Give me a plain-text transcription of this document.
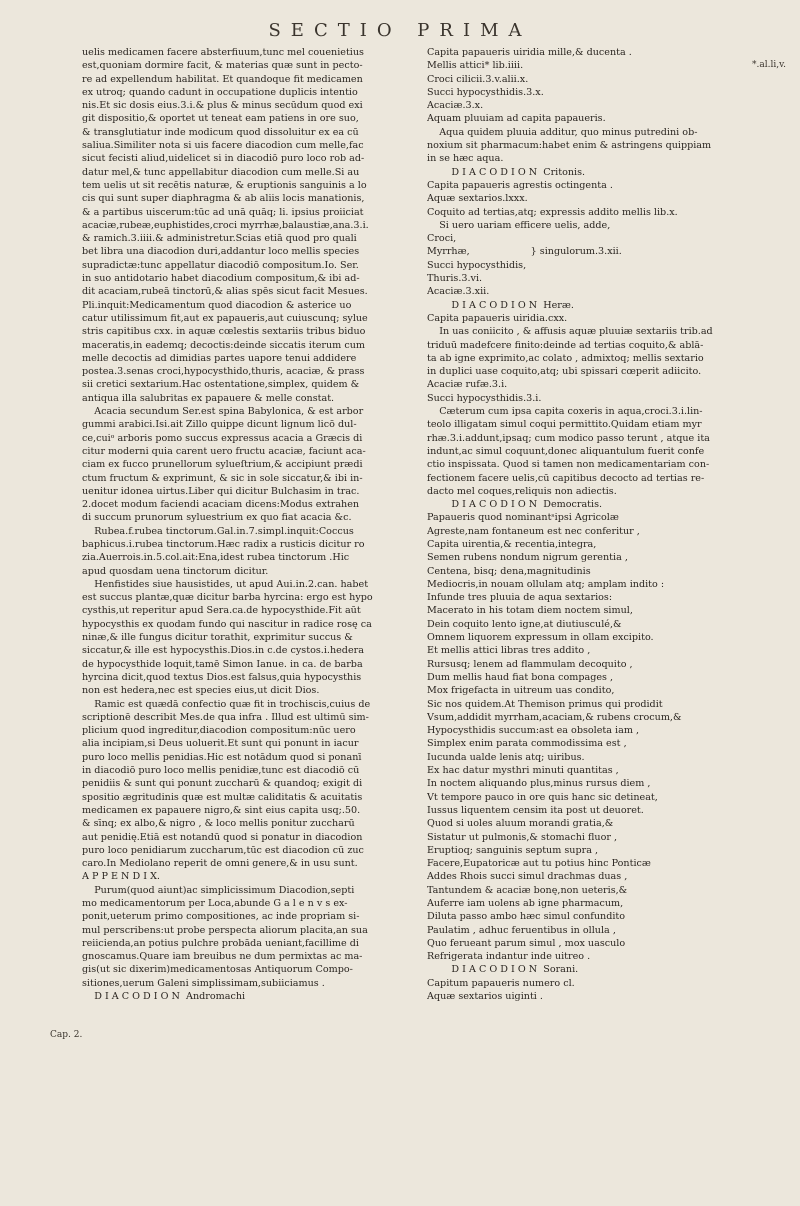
SECTIO PRIMA
*.al.li,v.
Cap. 2.
uelis medicamen facere absterfiuum,tunc mel couenietius
est,quoniam dormire facit, & materias quæ sunt in pectο-
re ad expellendum habilitat. Et quandoque fit medicamen
ex utroq; quando cadunt in occupatione duplicis intentio
nis.Et sic dosis eius.3.i.& plus & minus secūdum quod exi
git dispositio,& oportet ut teneat eam patiens in ore suo,
& transglutiatur inde modicum quod dissoluitur ex ea cū
saliua.Similiter nota si uis facere diacodion cum melle,fac
sicut fecisti aliud,uidelicet si in diacodiō puro loco rob ad-
datur mel,& tunc appellabitur diacodion cum melle.Si au
tem uelis ut sit recētis naturæ, & eruptionis sanguinis a lo
cis qui sunt super diaphragma & ab aliis locis manationis,
& a partibus uiscerum:tūc ad unā quāq; li. ipsius proiiciat
acaciæ,rubeæ,euphistides,croci myrrhæ,balaustiæ,ana.3.i.
& ramich.3.iiii.& administretur.Scias etiā quod pro quali
bet libra una diacodion duri,addantur loco mellis species
supradictæ:tunc appellatur diacodiō compositum.Io. Ser.
in suo antidotario habet diacodium compositum,& ibi ad-
dit acaciam,rubeā tinctorū,& alias spēs sicut facit Mesues.
Pli.inquit:Medicamentum quod diacodion & asterice uo
catur utilissimum fit,aut ex papaueris,aut cuiuscunq; sylue
stris capitibus cxx. in aquæ cœlestis sextariis tribus biduo
maceratis,in eademq; decoctis:deinde siccatis iterum cum
melle decoctis ad dimidias partes uapore tenui addidere
postea.3.senas croci,hypocysthido,thuris, acaciæ, & prass
sii cretici sextarium.Hac ostentatione,simplex, quidem &
antiqua illa salubritas ex papauere & melle constat.
Acacia secundum Ser.est spina Babylonica, & est arbor
gummi arabici.Isi.ait Zillo quippe dicunt lignum licō dul-
ce,cuiᵒ arboris pomo succus expressus acacia a Græcis di
citur moderni quia carent uero fructu acaciæ, faciunt aca-
ciam ex fucco prunellorum sylueſtrium,& accipiunt prædi
ctum fructum & exprimunt, & sic in sole siccatur,& ibi in-
uenitur idonea uirtus.Liber qui dicitur Bulchasim in trac.
2.docet modum faciendi acaciam dicens:Modus extrahen
di succum prunorum syluestrium ex quo fiat acacia &c.
Rubea.f.rubea tinctorum.Gal.in.7.simpl.inquit:Coccus
baphicus.i.rubea tinctorum.Hæc radix a rusticis dicitur ro
zia.Auerrois.in.5.col.ait:Ena,idest rubea tinctorum .Hic
apud quosdam uena tinctorum dicitur.
Henfistides siue hausistides, ut apud Aui.in.2.can. habet
est succus plantæ,quæ dicitur barba hyrcina: ergo est hypo
cysthis,ut reperitur apud Sera.ca.de hypocysthide.Fit aūt
hypocysthis ex quodam fundo qui nascitur in radice rosę ca
ninæ,& ille fungus dicitur torathit, exprimitur succus &
siccatur,& ille est hypocysthis.Dios.in c.de cystos.i.hedera
de hypocysthide loquit,tamē Simon Ianue. in ca. de barba
hyrcina dicit,quod textus Dios.est falsus,quia hypocysthis
non est hedera,nec est species eius,ut dicit Dios.
Ramic est quædā confectio quæ fit in trochiscis,cuius de
scriptionē describit Mes.de qua infra . Illud est ultimū sim-
plicium quod ingreditur,diacodion compositum:nūc uero
alia incipiam,si Deus uoluerit.Et sunt qui ponunt in iacur
puro loco mellis penidias.Hic est notādum quod si ponanī
in diacodiō puro loco mellis penidiæ,tunc est diacodiō cū
penidiis & sunt qui ponunt zuccharū & quandoq; exigit di
spositio ægritudinis quæ est multæ caliditatis & acuitatis
medicamen ex papauere nigro,& sint eius capita usq;.50.
& sīnq; ex albo,& nigro , & loco mellis ponitur zuccharū
aut penidię.Etiā est notandū quod si ponatur in diacodion
puro loco penidiarum zuccharum,tūc est diacodion cū zuc
caro.In Mediolano reperit de omni genere,& in usu sunt.
A P P E N D I X.
Purum(quod aiunt)ac simplicissimum Diacodion,septi
mo medicamentorum per Loca,abunde G a l e n v s ex-
ponit,ueterum primo compositiones, ac inde propriam si-
mul perscribens:ut probe perspecta aliorum placita,an sua
reiicienda,an potius pulchre probāda ueniant,facillime di
gnoscamus.Quare iam breuibus ne dum permixtas ac ma-
gis(ut sic dixerim)medicamentosas Antiquorum Compo-
sitiones,uerum Galeni simplissimam,subiiciamus .
D I A C O D I O N  Andromachi
Capita papaueris uiridia mille,& ducenta .
Mellis attici* lib.iiii.
Croci cilicii.3.v.alii.x.
Succi hypocysthidis.3.x.
Acaciæ.3.x.
Aquam pluuiam ad capita papaueris.
Aqua quidem pluuia additur, quo minus putredini ob-
noxium sit pharmacum:habet enim & astringens quippiam
in se hæc aqua.
D I A C O D I O N  Critonis.
Capita papaueris agrestis octingenta .
Aquæ sextarios.lxxx.
Coquito ad tertias,atq; expressis addito mellis lib.x.
Si uero uariam efficere uelis, adde,
Croci,
Myrrhæ,                    } singulorum.3.xii.
Succi hypocysthidis,
Thuris.3.vi.
Acaciæ.3.xii.
D I A C O D I O N  Heræ.
Capita papaueris uiridia.cxx.
In uas coniicito , & affusis aquæ pluuiæ sextariis trib.ad
triduū madefcere finito:deinde ad tertias coquito,& ablā-
ta ab igne exprimito,ac colato , admixtoq; mellis sextario
in duplici uase coquito,atq; ubi spissari cœperit adiicito.
Acaciæ rufæ.3.i.
Succi hypocysthidis.3.i.
Cæterum cum ipsa capita coxeris in aqua,croci.3.i.lin-
teolo illigatam simul coqui permittito.Quidam etiam myr
rhæ.3.i.addunt,ipsaq; cum modico passo terunt , atque ita
indunt,ac simul coquunt,donec aliquantulum fuerit confe
ctio inspissata. Quod si tamen non medicamentariam con-
fectionem facere uelis,cū capitibus decocto ad tertias re-
dacto mel coques,reliquis non adiectis.
D I A C O D I O N  Democratis.
Papaueris quod nominantˢipsi Agricolæ
Agreste,nam fontaneum est nec conferitur ,
Capita uirentia,& recentia,integra,
Semen rubens nondum nigrum gerentia ,
Centena, bisq; dena,magnitudinis
Mediocris,in nouam ollulam atq; amplam indito :
Infunde tres pluuia de aqua sextarios:
Macerato in his totam diem noctem simul,
Dein coquito lento igne,at diutiusculé,&
Omnem liquorem expressum in ollam excipito.
Et mellis attici libras tres addito ,
Rursusq; lenem ad flammulam decoquito ,
Dum mellis haud fiat bona compages ,
Mox frigefacta in uitreum uas condito,
Sic nos quidem.At Themison primus qui prodidit
Vsum,addidit myrrham,acaciam,& rubens crocum,&
Hypocysthidis succum:ast ea obsoleta iam ,
Simplex enim parata commodissima est ,
Iucunda ualde lenis atq; uiribus.
Ex hac datur mysthri minuti quantitas ,
In noctem aliquando plus,minus rursus diem ,
Vt tempore pauco in ore quis hanc sic detineat,
Iussus liquentem censim ita post ut deuoret.
Quod si uoles aluum morandi gratia,&
Sistatur ut pulmonis,& stomachi fluor ,
Eruptioq; sanguinis septum supra ,
Facere,Eupatoricæ aut tu potius hinc Ponticæ
Addes Rhois succi simul drachmas duas ,
Tantundem & acaciæ bonę,non ueteris,&
Auferre iam uolens ab igne pharmacum,
Diluta passo ambo hæc simul confundito
Paulatim , adhuc feruentibus in ollula ,
Quo ferueant parum simul , mox uasculo
Refrigerata indantur inde uitreo .
D I A C O D I O N  Sorani.
Capitum papaueris numero cl.
Aquæ sextarios uiginti .
